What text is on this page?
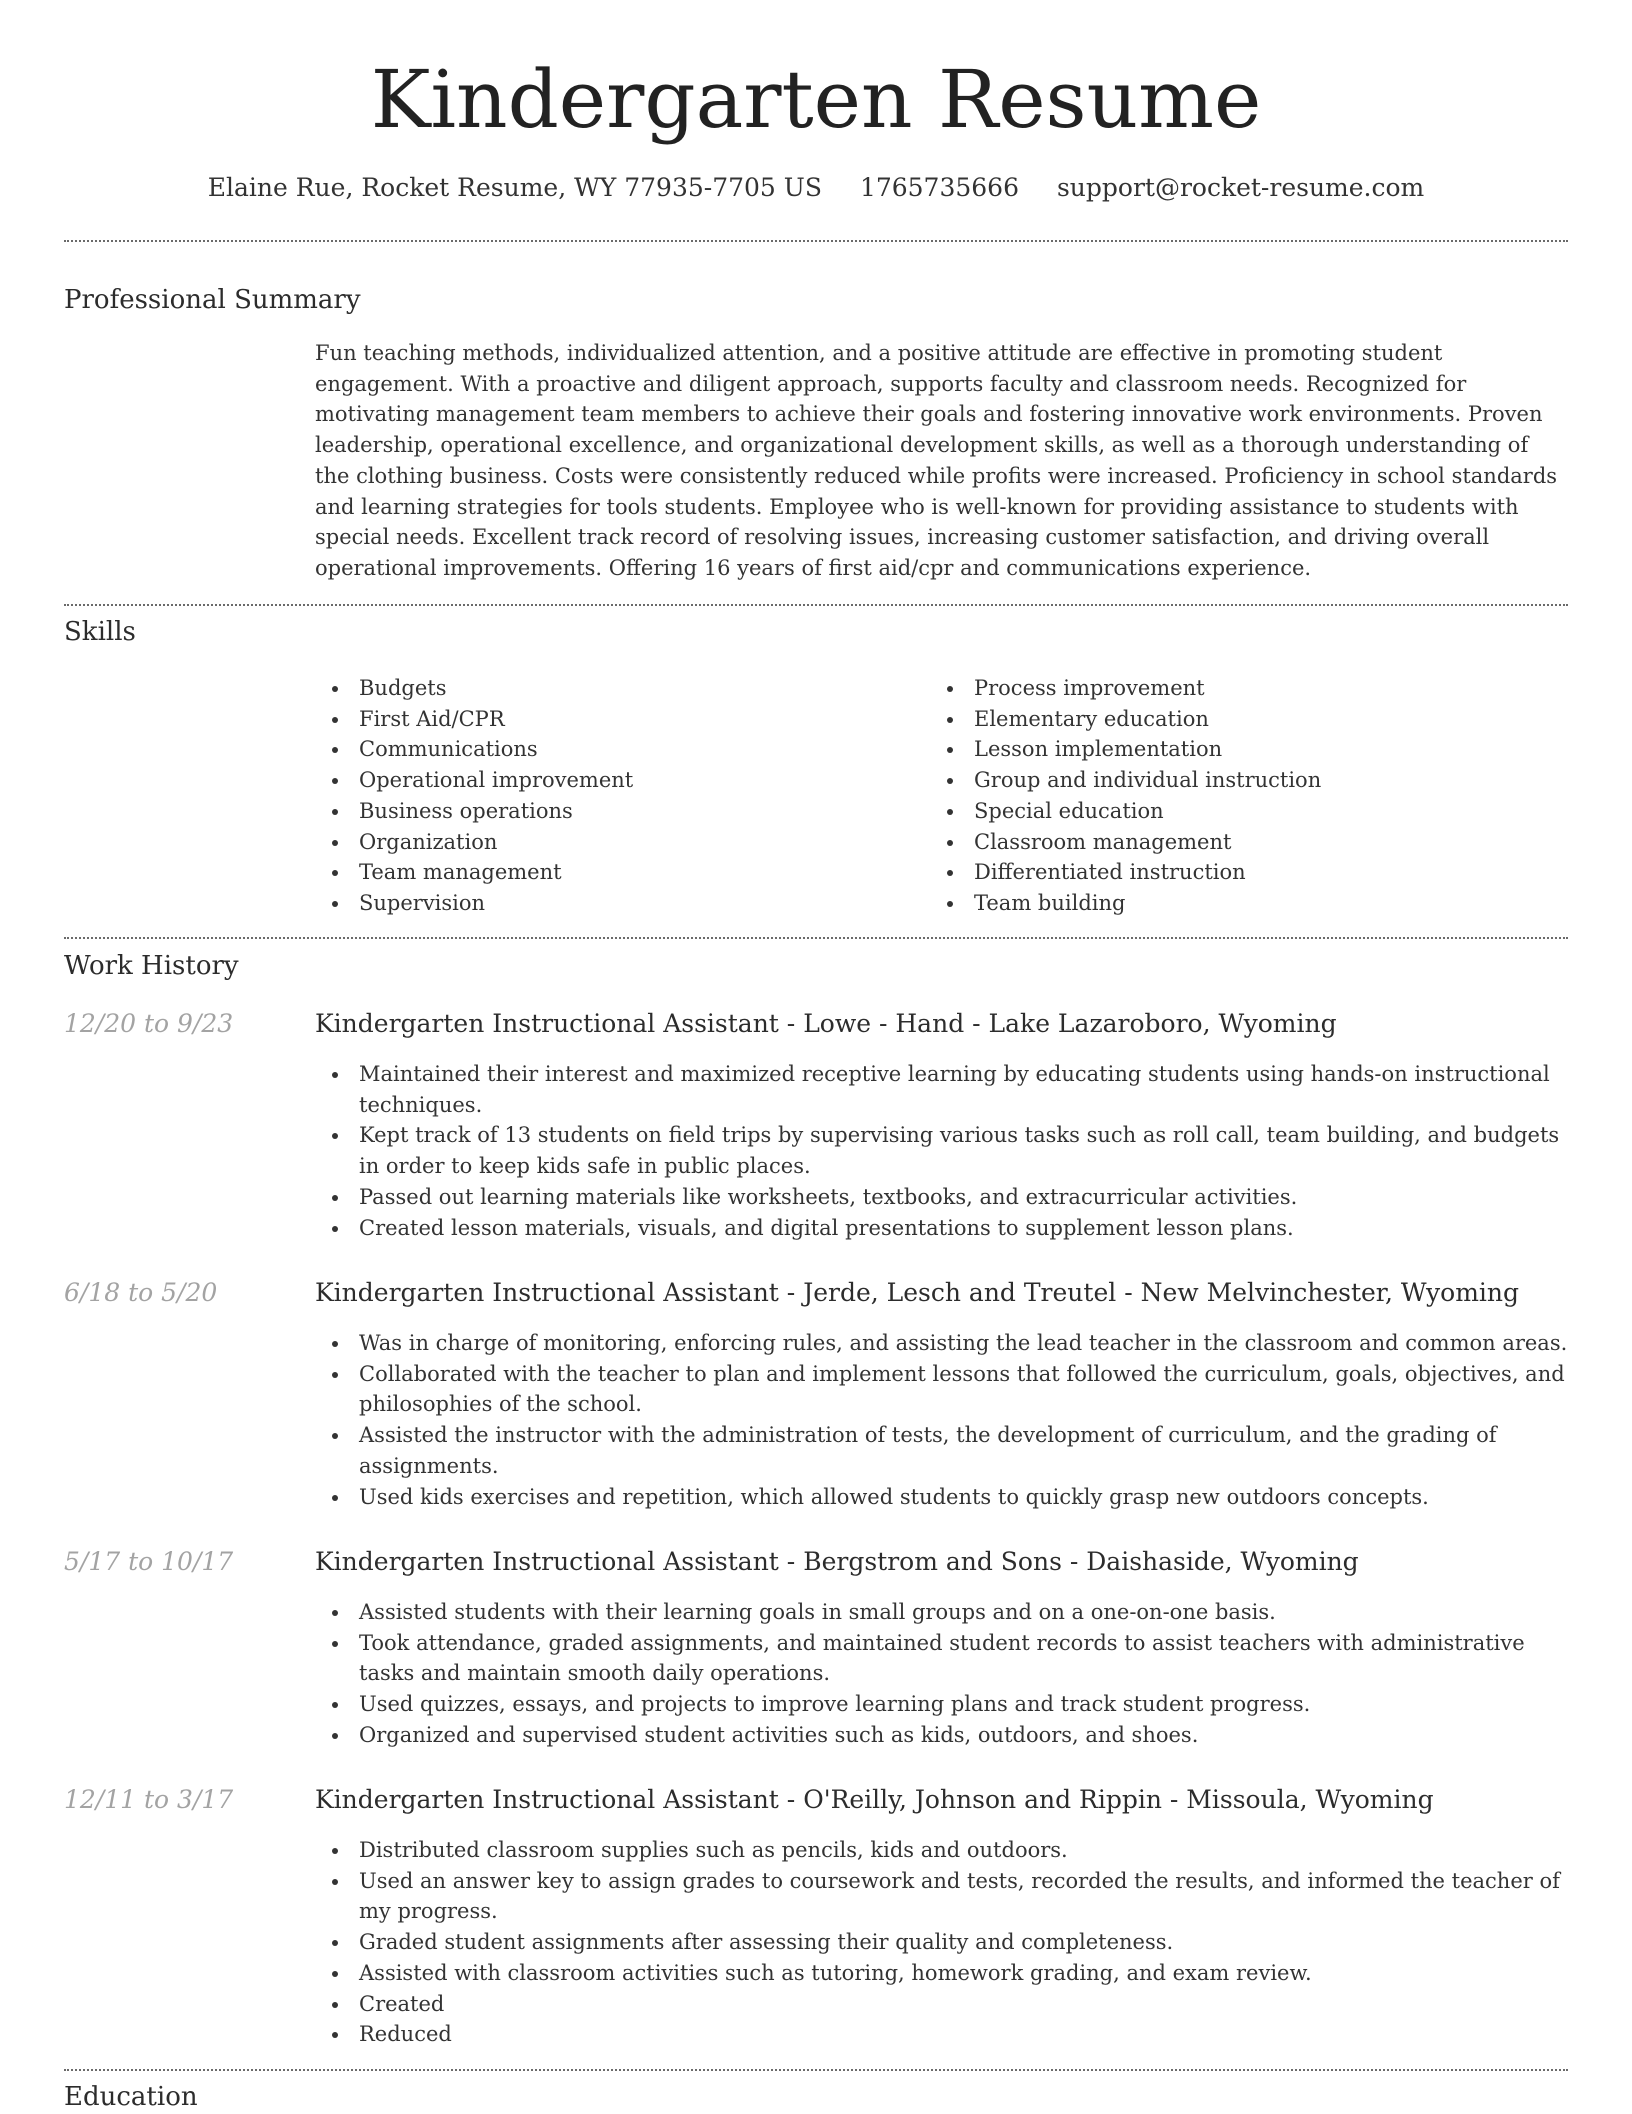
Kindergarten Resume
Elaine Rue, Rocket Resume, WY 77935-7705 US 1765735666 support@rocket-resume.com
Professional Summary

Fun teaching methods, individualized attention, and a positive attitude are effective in promoting student engagement. With a proactive and diligent approach, supports faculty and classroom needs. Recognized for motivating management team members to achieve their goals and fostering innovative work environments. Proven leadership, operational excellence, and organizational development skills, as well as a thorough understanding of the clothing business. Costs were consistently reduced while profits were increased. Proficiency in school standards and learning strategies for tools students. Employee who is well-known for providing assistance to students with special needs. Excellent track record of resolving issues, increasing customer satisfaction, and driving overall operational improvements. Offering 16 years of first aid/cpr and communications experience.

Skills
Budgets
First Aid/CPR
Communications
Operational improvement
Business operations
Organization
Team management
Supervision
Process improvement
Elementary education
Lesson implementation
Group and individual instruction
Special education
Classroom management
Differentiated instruction
Team building
Work History
12/20 to 9/23	Kindergarten Instructional Assistant - Lowe - Hand - Lake Lazaroboro, Wyoming
Maintained their interest and maximized receptive learning by educating students using hands-on instructional techniques.
Kept track of 13 students on field trips by supervising various tasks such as roll call, team building, and budgets in order to keep kids safe in public places.
Passed out learning materials like worksheets, textbooks, and extracurricular activities.
Created lesson materials, visuals, and digital presentations to supplement lesson plans.
6/18 to 5/20	Kindergarten Instructional Assistant - Jerde, Lesch and Treutel - New Melvinchester, Wyoming
Was in charge of monitoring, enforcing rules, and assisting the lead teacher in the classroom and common areas.
Collaborated with the teacher to plan and implement lessons that followed the curriculum, goals, objectives, and philosophies of the school.
Assisted the instructor with the administration of tests, the development of curriculum, and the grading of assignments.
Used kids exercises and repetition, which allowed students to quickly grasp new outdoors concepts.
5/17 to 10/17	Kindergarten Instructional Assistant - Bergstrom and Sons - Daishaside, Wyoming
Assisted students with their learning goals in small groups and on a one-on-one basis.
Took attendance, graded assignments, and maintained student records to assist teachers with administrative tasks and maintain smooth daily operations.
Used quizzes, essays, and projects to improve learning plans and track student progress.
Organized and supervised student activities such as kids, outdoors, and shoes.
12/11 to 3/17	Kindergarten Instructional Assistant - O'Reilly, Johnson and Rippin - Missoula, Wyoming
Distributed classroom supplies such as pencils, kids and outdoors.
Used an answer key to assign grades to coursework and tests, recorded the results, and informed the teacher of my progress.
Graded student assignments after assessing their quality and completeness.
Assisted with classroom activities such as tutoring, homework grading, and exam review.
Created
Reduced
Education
